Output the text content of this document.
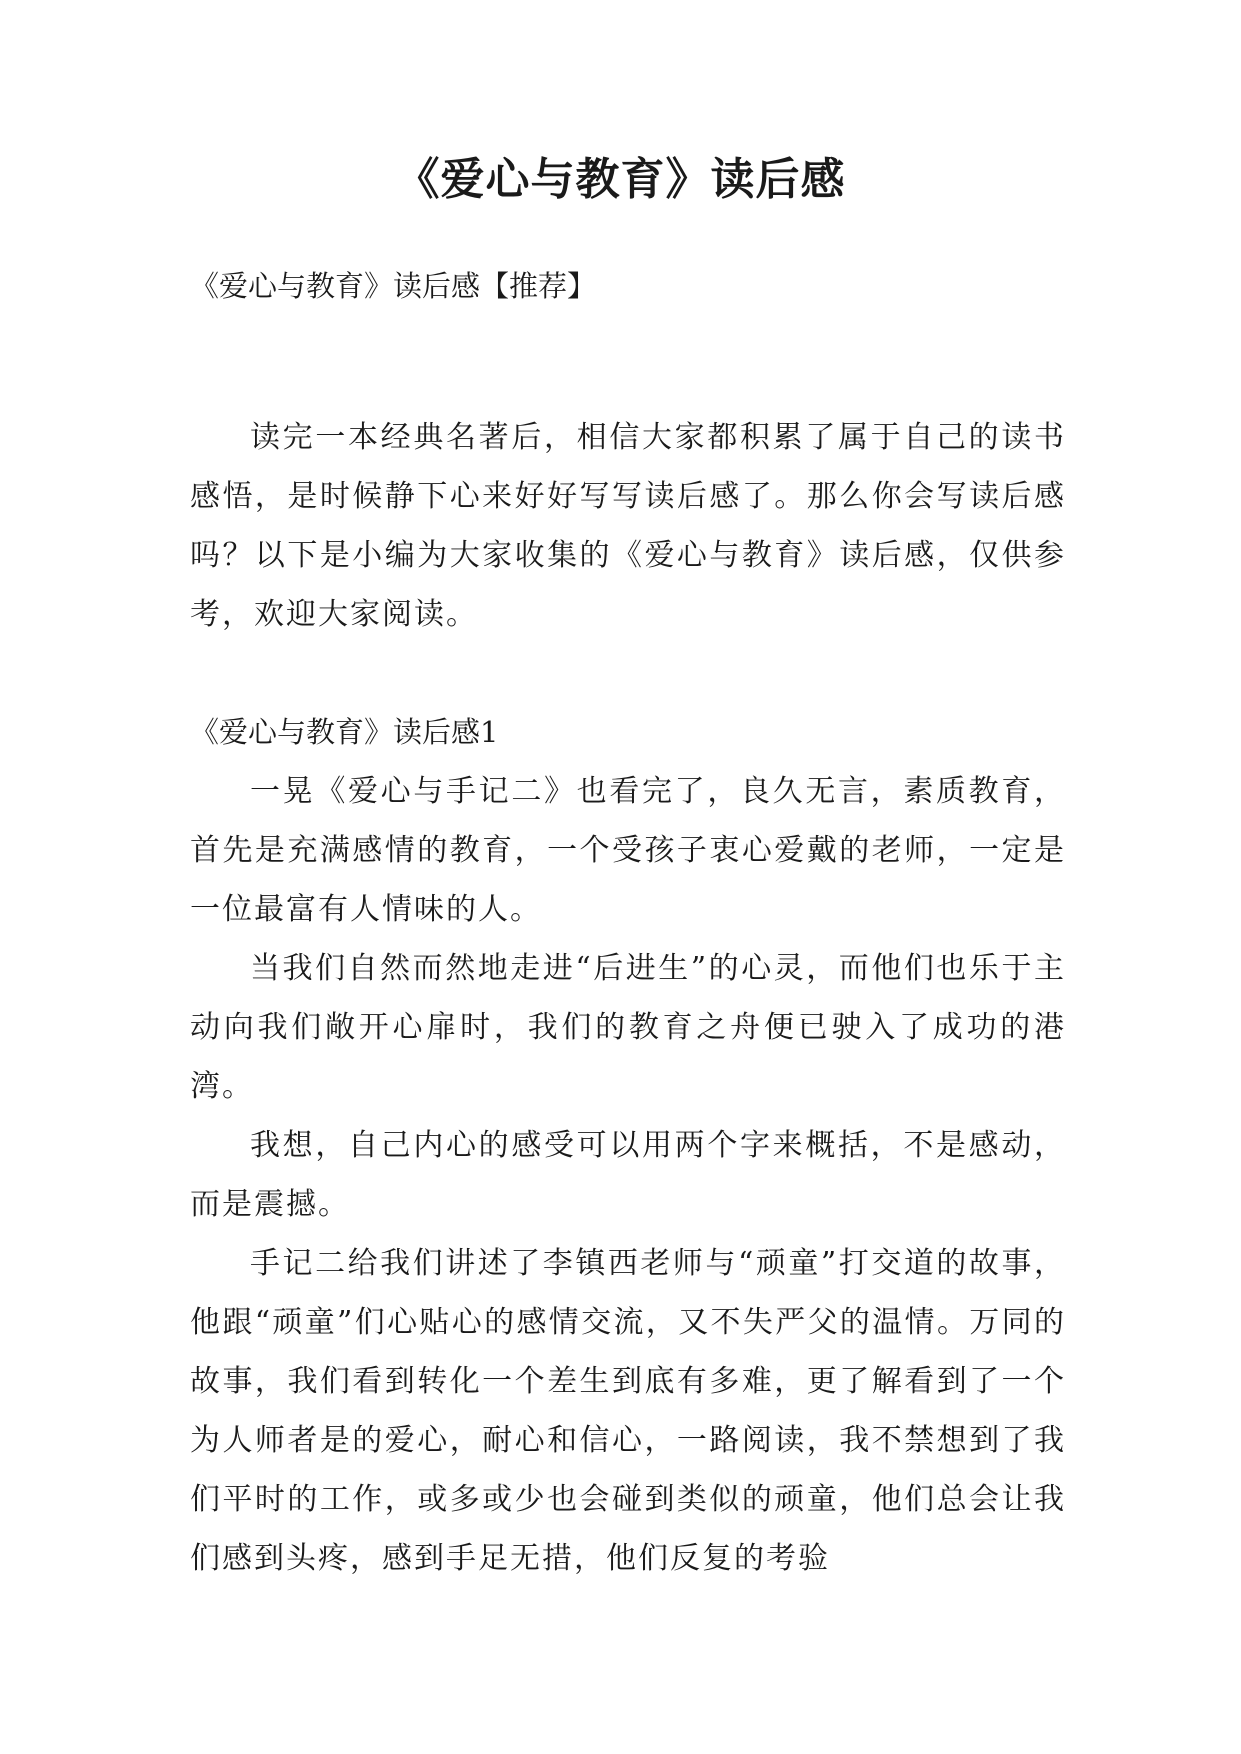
《爱心与教育》读后感
《爱心与教育》读后感【推荐】

读完一本经典名著后，相信大家都积累了属于自己的读书感悟，是时候静下心来好好写写读后感了。那么你会写读后感吗？以下是小编为大家收集的《爱心与教育》读后感，仅供参考，欢迎大家阅读。

《爱心与教育》读后感1

一晃《爱心与手记二》也看完了，良久无言，素质教育，首先是充满感情的教育，一个受孩子衷心爱戴的老师，一定是一位最富有人情味的人。

当我们自然而然地走进“后进生”的心灵，而他们也乐于主动向我们敞开心扉时，我们的教育之舟便已驶入了成功的港湾。

我想，自己内心的感受可以用两个字来概括，不是感动，而是震撼。

手记二给我们讲述了李镇西老师与“顽童”打交道的故事，他跟“顽童”们心贴心的感情交流，又不失严父的温情。万同的故事，我们看到转化一个差生到底有多难，更了解看到了一个为人师者是的爱心，耐心和信心，一路阅读，我不禁想到了我们平时的工作，或多或少也会碰到类似的顽童，他们总会让我们感到头疼，感到手足无措，他们反复的考验
